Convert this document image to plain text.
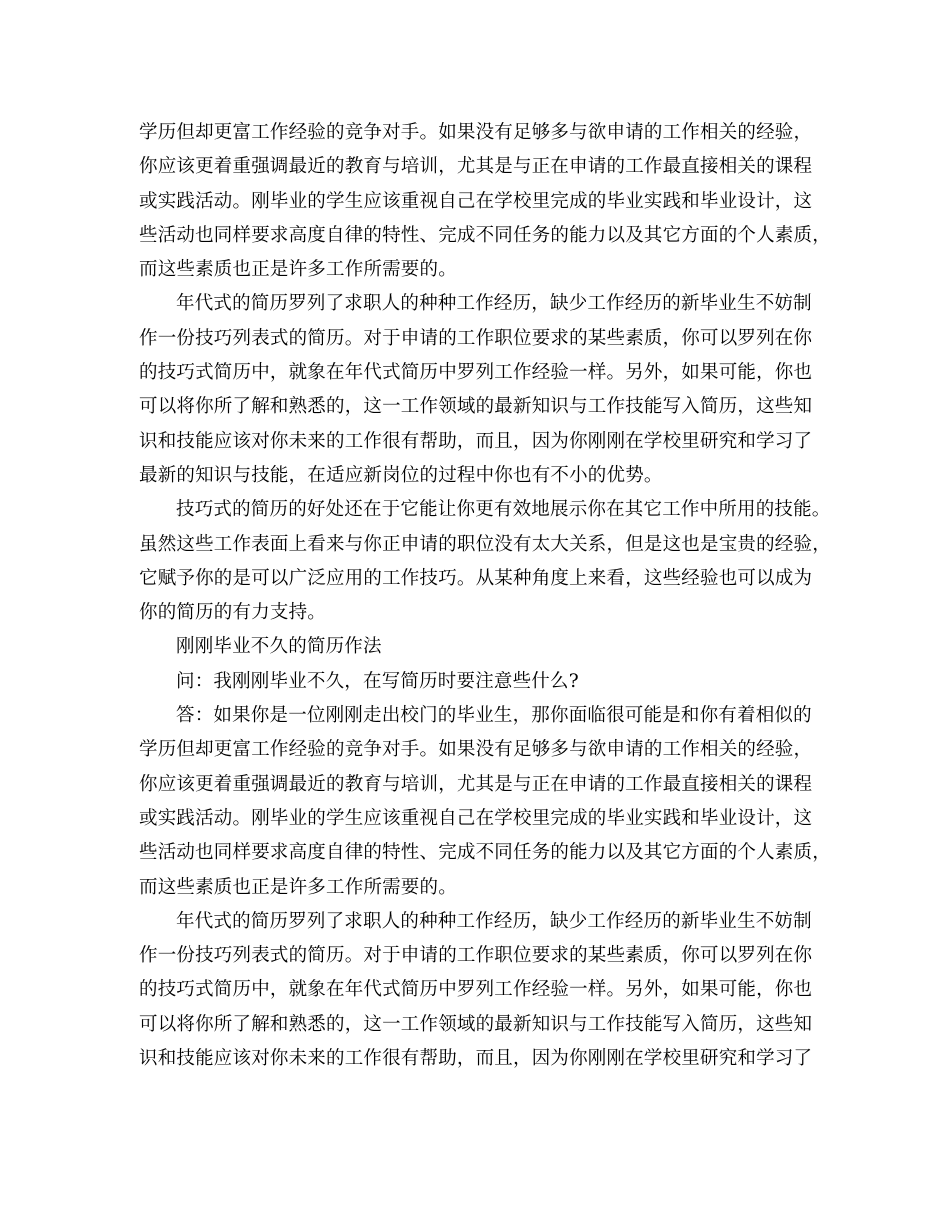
学历但却更富工作经验的竞争对手。如果没有足够多与欲申请的工作相关的经验，
你应该更着重强调最近的教育与培训，尤其是与正在申请的工作最直接相关的课程
或实践活动。刚毕业的学生应该重视自己在学校里完成的毕业实践和毕业设计，这
些活动也同样要求高度自律的特性、完成不同任务的能力以及其它方面的个人素质，
而这些素质也正是许多工作所需要的。
年代式的简历罗列了求职人的种种工作经历，缺少工作经历的新毕业生不妨制
作一份技巧列表式的简历。对于申请的工作职位要求的某些素质，你可以罗列在你
的技巧式简历中，就象在年代式简历中罗列工作经验一样。另外，如果可能，你也
可以将你所了解和熟悉的，这一工作领域的最新知识与工作技能写入简历，这些知
识和技能应该对你未来的工作很有帮助，而且，因为你刚刚在学校里研究和学习了
最新的知识与技能，在适应新岗位的过程中你也有不小的优势。
技巧式的简历的好处还在于它能让你更有效地展示你在其它工作中所用的技能。
虽然这些工作表面上看来与你正申请的职位没有太大关系，但是这也是宝贵的经验，
它赋予你的是可以广泛应用的工作技巧。从某种角度上来看，这些经验也可以成为
你的简历的有力支持。
刚刚毕业不久的简历作法
问：我刚刚毕业不久，在写简历时要注意些什么?
答：如果你是一位刚刚走出校门的毕业生，那你面临很可能是和你有着相似的
学历但却更富工作经验的竞争对手。如果没有足够多与欲申请的工作相关的经验，
你应该更着重强调最近的教育与培训，尤其是与正在申请的工作最直接相关的课程
或实践活动。刚毕业的学生应该重视自己在学校里完成的毕业实践和毕业设计，这
些活动也同样要求高度自律的特性、完成不同任务的能力以及其它方面的个人素质，
而这些素质也正是许多工作所需要的。
年代式的简历罗列了求职人的种种工作经历，缺少工作经历的新毕业生不妨制
作一份技巧列表式的简历。对于申请的工作职位要求的某些素质，你可以罗列在你
的技巧式简历中，就象在年代式简历中罗列工作经验一样。另外，如果可能，你也
可以将你所了解和熟悉的，这一工作领域的最新知识与工作技能写入简历，这些知
识和技能应该对你未来的工作很有帮助，而且，因为你刚刚在学校里研究和学习了
